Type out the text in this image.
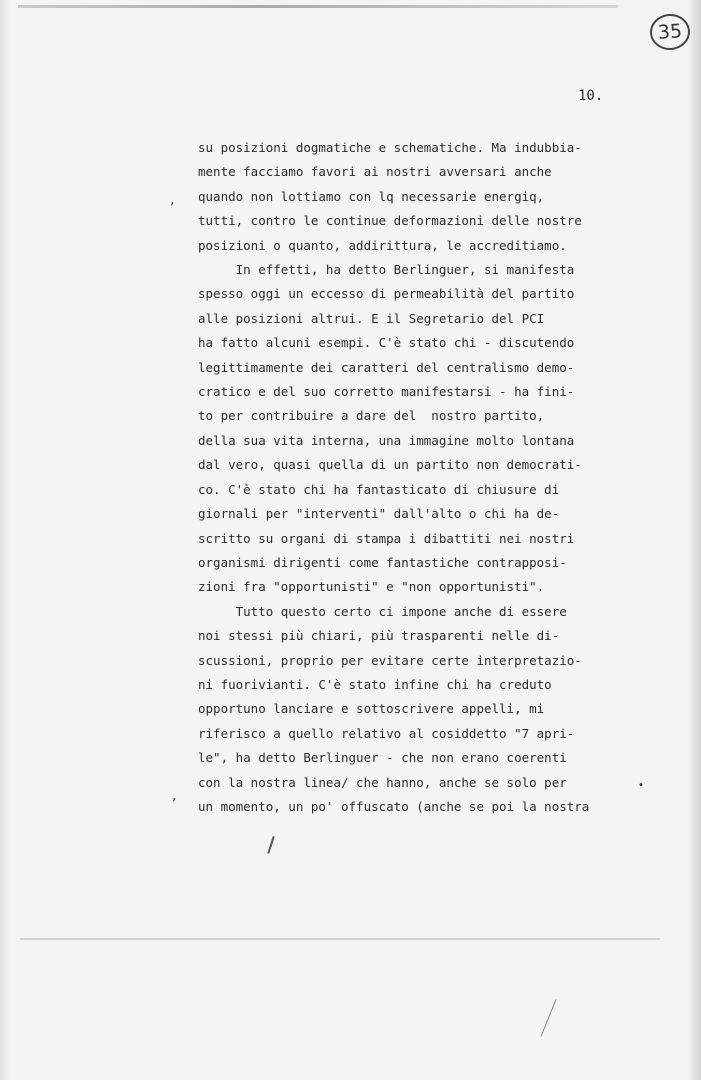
35
10.

su posizioni dogmatiche e schematiche. Ma indubbia-

mente facciamo favori ai nostri avversari anche

quando non lottiamo con lq necessarie energiq,

tutti, contro le continue deformazioni delle nostre

posizioni o quanto, addirittura, le accreditiamo.

In effetti, ha detto Berlinguer, si manifesta

spesso oggi un eccesso di permeabilità del partito

alle posizioni altrui. E il Segretario del PCI

ha fatto alcuni esempi. C'è stato chi - discutendo

legittimamente dei caratteri del centralismo demo-

cratico e del suo corretto manifestarsi - ha fini-

to per contribuire a dare del  nostro partito,

della sua vita interna, una immagine molto lontana

dal vero, quasi quella di un partito non democrati-

co. C'è stato chi ha fantasticato di chiusure di

giornali per "interventi" dall'alto o chi ha de-

scritto su organi di stampa i dibattiti nei nostri

organismi dirigenti come fantastiche contrapposi-

zioni fra "opportunisti" e "non opportunisti".

Tutto questo certo ci impone anche di essere

noi stessi più chiari, più trasparenti nelle di-

scussioni, proprio per evitare certe interpretazio-

ni fuorivianti. C'è stato infine chi ha creduto

opportuno lanciare e sottoscrivere appelli, mi

riferisco a quello relativo al cosiddetto "7 apri-

le", ha detto Berlinguer - che non erano coerenti

con la nostra linea/ che hanno, anche se solo per

un momento, un po' offuscato (anche se poi la nostra

,
,
•
